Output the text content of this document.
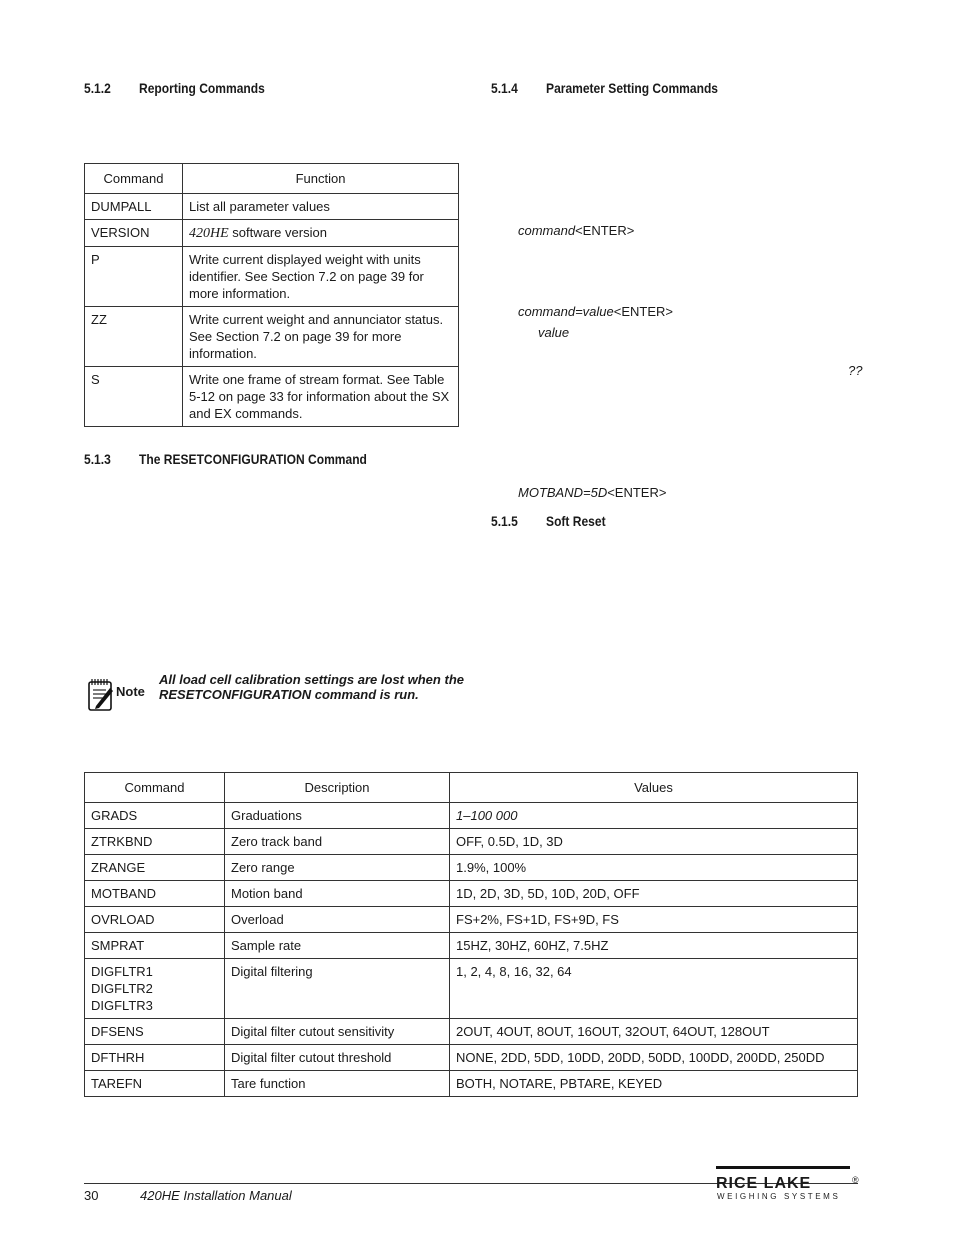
5.1.2 Reporting Commands	5.1.4 Parameter Setting Commands
5.1.3 The RESETCONFIGURATION Command
5.1.5 Soft Reset
Command	Function
DUMPALL	List all parameter values
VERSION	420HE software version
P	Write current displayed weight with units identifier. See Section 7.2 on page 39 for more information.
ZZ	Write current weight and annunciator status. See Section 7.2 on page 39 for more information.
S	Write one frame of stream format. See Table 5-12 on page 33 for information about the SX and EX commands.
command<ENTER>
command=value<ENTER>
value
??
MOTBAND=5D<ENTER>
Note
All load cell calibration settings are lost when the RESETCONFIGURATION command is run.
Command	Description	Values
GRADS	Graduations	1–100 000
ZTRKBND	Zero track band	OFF, 0.5D, 1D, 3D
ZRANGE	Zero range	1.9%, 100%
MOTBAND	Motion band	1D, 2D, 3D, 5D, 10D, 20D, OFF
OVRLOAD	Overload	FS+2%, FS+1D, FS+9D, FS
SMPRAT	Sample rate	15HZ, 30HZ, 60HZ, 7.5HZ

DIGFLTR1
DIGFLTR2
DIGFLTR3	Digital filtering	1, 2, 4, 8, 16, 32, 64
DFSENS	Digital filter cutout sensitivity	2OUT, 4OUT, 8OUT, 16OUT, 32OUT, 64OUT, 128OUT
DFTHRH	Digital filter cutout threshold	NONE, 2DD, 5DD, 10DD, 20DD, 50DD, 100DD, 200DD, 250DD
TAREFN	Tare function	BOTH, NOTARE, PBTARE, KEYED
30	420HE Installation Manual
RICE LAKE	®
WEIGHING SYSTEMS
